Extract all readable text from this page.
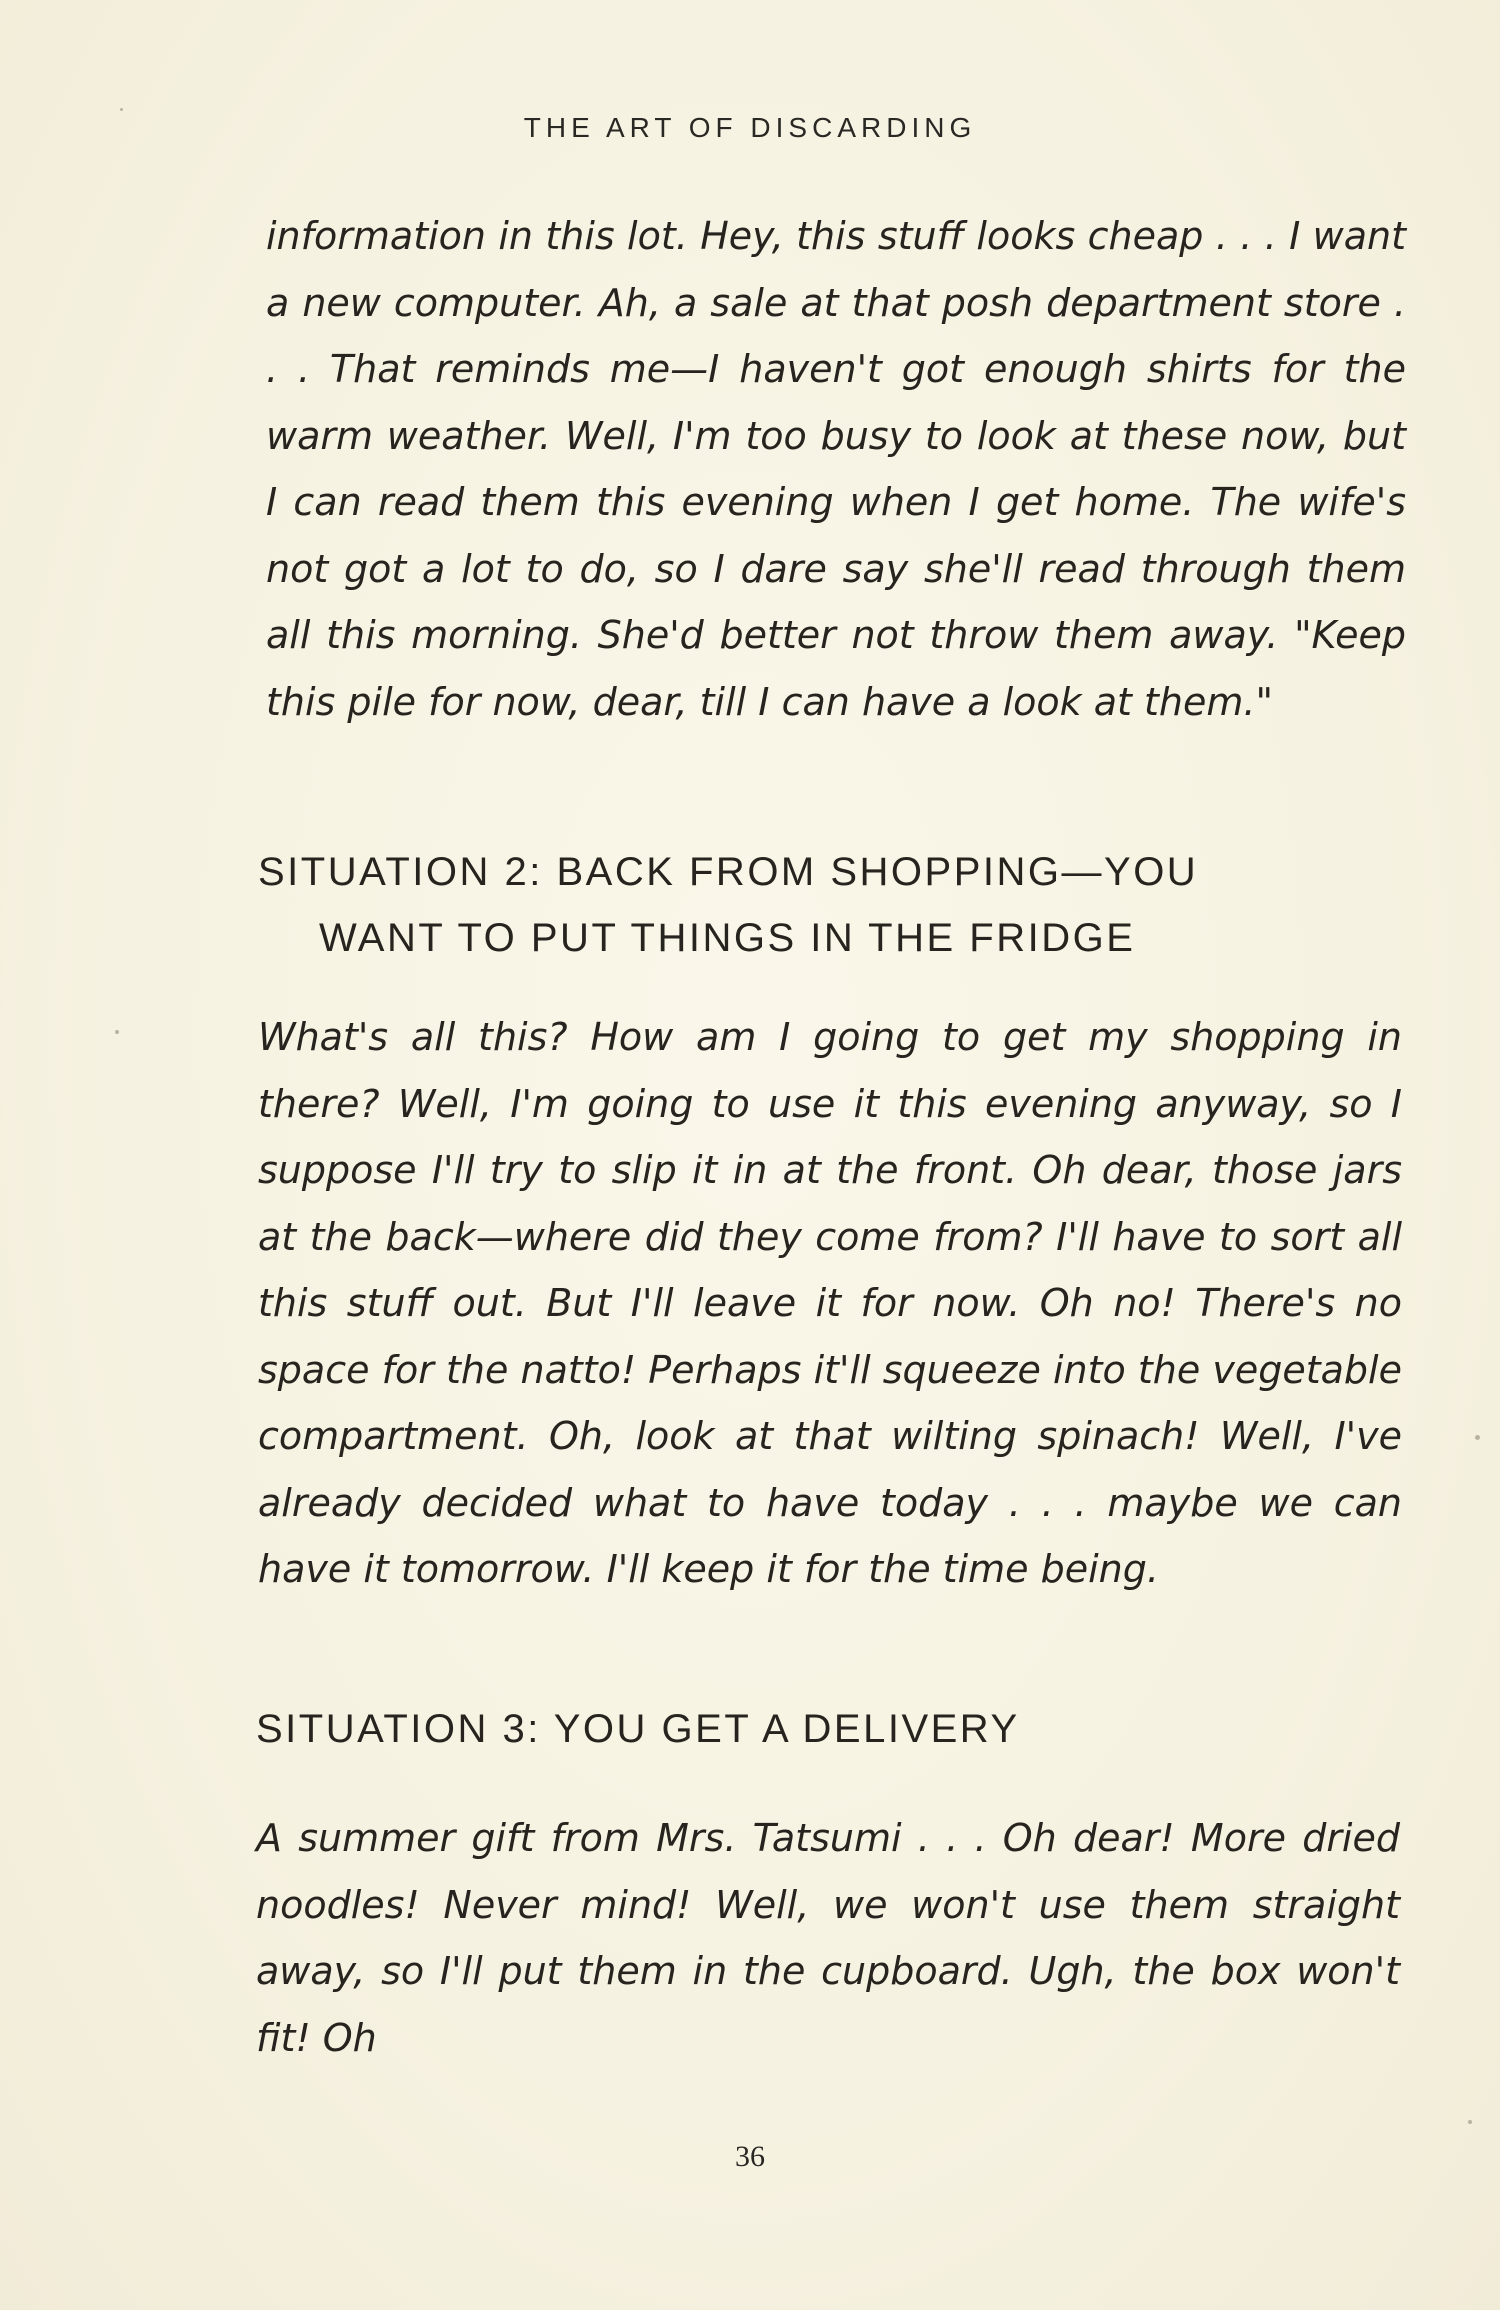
THE ART OF DISCARDING

information in this lot. Hey, this stuff looks cheap . . . I want a new computer. Ah, a sale at that posh department store . . . That reminds me—I haven't got enough shirts for the warm weather. Well, I'm too busy to look at these now, but I can read them this evening when I get home. The wife's not got a lot to do, so I dare say she'll read through them all this morning. She'd better not throw them away. "Keep this pile for now, dear, till I can have a look at them."

SITUATION 2: BACK FROM SHOPPING—YOU
WANT TO PUT THINGS IN THE FRIDGE

What's all this? How am I going to get my shopping in there? Well, I'm going to use it this evening anyway, so I suppose I'll try to slip it in at the front. Oh dear, those jars at the back—where did they come from? I'll have to sort all this stuff out. But I'll leave it for now. Oh no! There's no space for the natto! Perhaps it'll squeeze into the vegetable compartment. Oh, look at that wilting spinach! Well, I've already decided what to have today . . . maybe we can have it tomorrow. I'll keep it for the time being.

SITUATION 3: YOU GET A DELIVERY

A summer gift from Mrs. Tatsumi . . . Oh dear! More dried noodles! Never mind! Well, we won't use them straight away, so I'll put them in the cupboard. Ugh, the box won't fit! Oh

36
